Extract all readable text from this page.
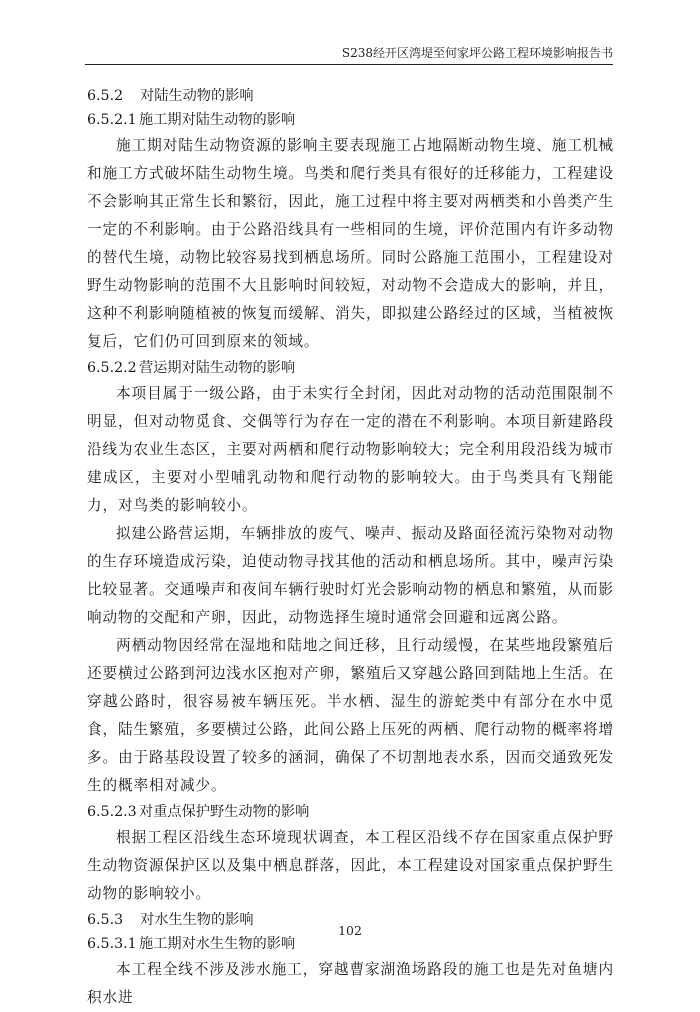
S238经开区湾堤至何家坪公路工程环境影响报告书
6.5.2 对陆生动物的影响
6.5.2.1 施工期对陆生动物的影响

施工期对陆生动物资源的影响主要表现施工占地隔断动物生境、施工机械和施工方式破坏陆生动物生境。鸟类和爬行类具有很好的迁移能力，工程建设不会影响其正常生长和繁衍，因此，施工过程中将主要对两栖类和小兽类产生一定的不利影响。由于公路沿线具有一些相同的生境，评价范围内有许多动物的替代生境，动物比较容易找到栖息场所。同时公路施工范围小，工程建设对野生动物影响的范围不大且影响时间较短，对动物不会造成大的影响，并且，这种不利影响随植被的恢复而缓解、消失，即拟建公路经过的区域，当植被恢复后，它们仍可回到原来的领域。

6.5.2.2 营运期对陆生动物的影响

本项目属于一级公路，由于未实行全封闭，因此对动物的活动范围限制不明显，但对动物觅食、交偶等行为存在一定的潜在不利影响。本项目新建路段沿线为农业生态区，主要对两栖和爬行动物影响较大；完全利用段沿线为城市建成区，主要对小型哺乳动物和爬行动物的影响较大。由于鸟类具有飞翔能力，对鸟类的影响较小。

拟建公路营运期，车辆排放的废气、噪声、振动及路面径流污染物对动物的生存环境造成污染，迫使动物寻找其他的活动和栖息场所。其中，噪声污染比较显著。交通噪声和夜间车辆行驶时灯光会影响动物的栖息和繁殖，从而影响动物的交配和产卵，因此，动物选择生境时通常会回避和远离公路。

两栖动物因经常在湿地和陆地之间迁移，且行动缓慢，在某些地段繁殖后还要横过公路到河边浅水区抱对产卵，繁殖后又穿越公路回到陆地上生活。在穿越公路时，很容易被车辆压死。半水栖、湿生的游蛇类中有部分在水中觅食，陆生繁殖，多要横过公路，此间公路上压死的两栖、爬行动物的概率将增多。由于路基段设置了较多的涵洞，确保了不切割地表水系，因而交通致死发生的概率相对减少。

6.5.2.3 对重点保护野生动物的影响

根据工程区沿线生态环境现状调查，本工程区沿线不存在国家重点保护野生动物资源保护区以及集中栖息群落，因此，本工程建设对国家重点保护野生动物的影响较小。

6.5.3 对水生生物的影响
6.5.3.1 施工期对水生生物的影响

本工程全线不涉及涉水施工，穿越曹家湖渔场路段的施工也是先对鱼塘内积水进

102
